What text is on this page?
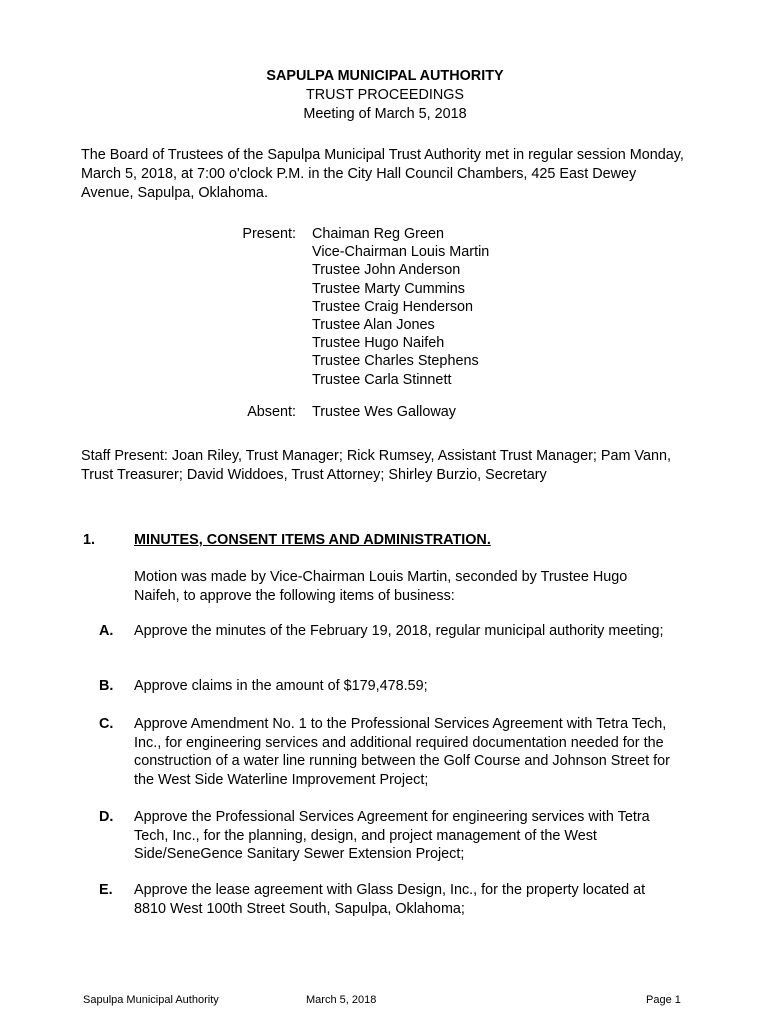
SAPULPA MUNICIPAL AUTHORITY
TRUST PROCEEDINGS
Meeting of March 5, 2018
The Board of Trustees of the Sapulpa Municipal Trust Authority met in regular session Monday, March 5, 2018, at 7:00 o'clock P.M. in the City Hall Council Chambers, 425 East Dewey Avenue, Sapulpa, Oklahoma.
Present: Chaiman Reg Green
Vice-Chairman Louis Martin
Trustee John Anderson
Trustee Marty Cummins
Trustee Craig Henderson
Trustee Alan Jones
Trustee Hugo Naifeh
Trustee Charles Stephens
Trustee Carla Stinnett
Absent: Trustee Wes Galloway
Staff Present: Joan Riley, Trust Manager; Rick Rumsey, Assistant Trust Manager; Pam Vann, Trust Treasurer; David Widdoes, Trust Attorney; Shirley Burzio, Secretary
1.	MINUTES, CONSENT ITEMS AND ADMINISTRATION.
Motion was made by Vice-Chairman Louis Martin, seconded by Trustee Hugo Naifeh, to approve the following items of business:
A. Approve the minutes of the February 19, 2018, regular municipal authority meeting;
B. Approve claims in the amount of $179,478.59;
C. Approve Amendment No. 1 to the Professional Services Agreement with Tetra Tech, Inc., for engineering services and additional required documentation needed for the construction of a water line running between the Golf Course and Johnson Street for the West Side Waterline Improvement Project;
D. Approve the Professional Services Agreement for engineering services with Tetra Tech, Inc., for the planning, design, and project management of the West Side/SeneGence Sanitary Sewer Extension Project;
E. Approve the lease agreement with Glass Design, Inc., for the property located at 8810 West 100th Street South, Sapulpa, Oklahoma;
Sapulpa Municipal Authority	March 5, 2018	Page 1
